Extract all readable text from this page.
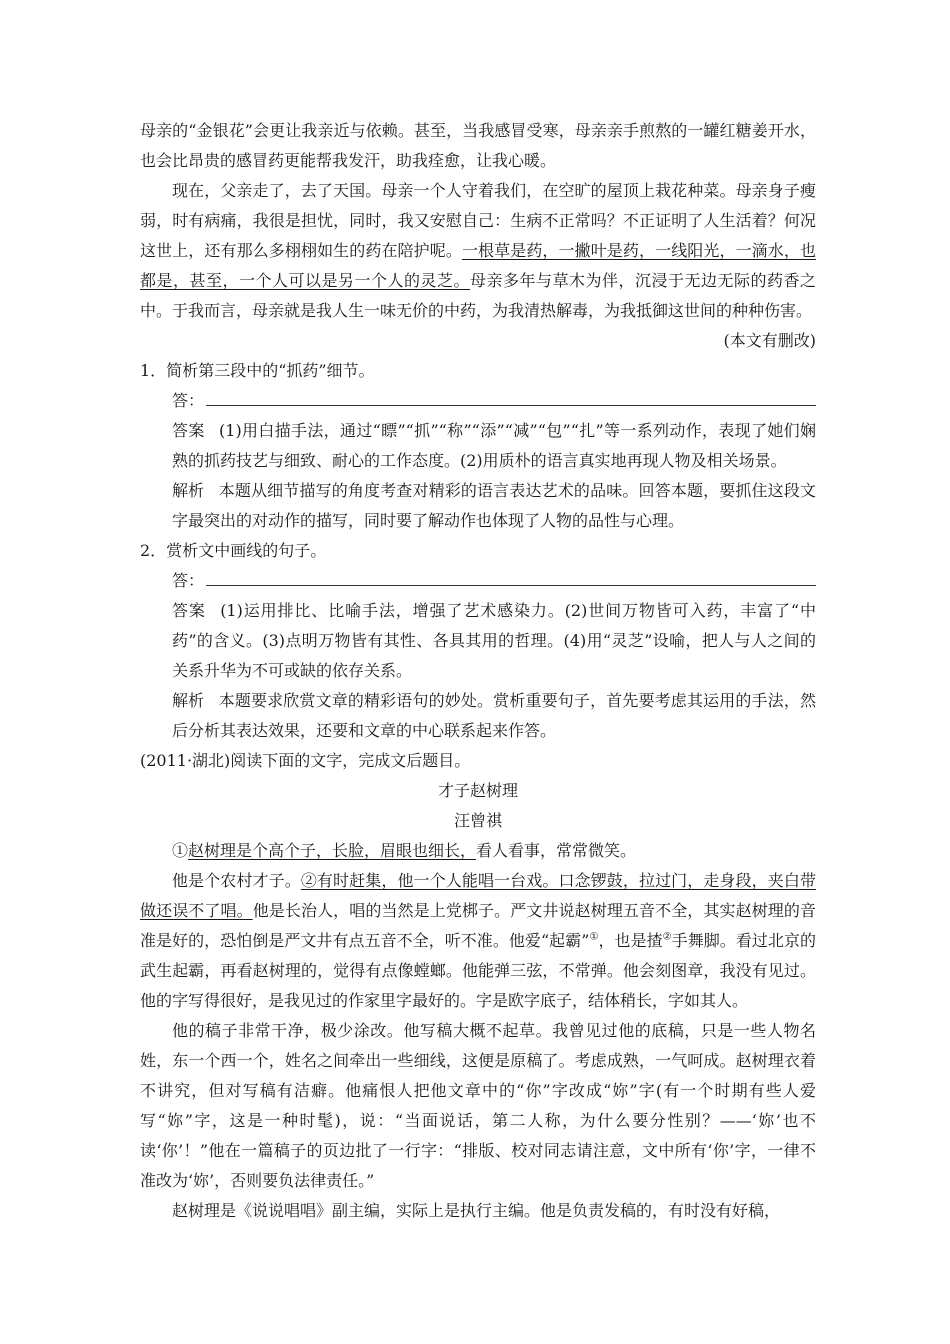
母亲的“金银花”会更让我亲近与依赖。甚至，当我感冒受寒，母亲亲手煎熬的一罐红糖姜开水，也会比昂贵的感冒药更能帮我发汗，助我痊愈，让我心暖。

现在，父亲走了，去了天国。母亲一个人守着我们，在空旷的屋顶上栽花种菜。母亲身子瘦弱，时有病痛，我很是担忧，同时，我又安慰自己：生病不正常吗？不正证明了人生活着？何况这世上，还有那么多栩栩如生的药在陪护呢。一根草是药，一撇叶是药，一线阳光，一滴水，也都是，甚至，一个人可以是另一个人的灵芝。母亲多年与草木为伴，沉浸于无边无际的药香之中。于我而言，母亲就是我人生一味无价的中药，为我清热解毒，为我抵御这世间的种种伤害。

(本文有删改)

1．简析第三段中的“抓药”细节。

答：

答案 (1)用白描手法，通过“瞟”“抓”“称”“添”“减”“包”“扎”等一系列动作，表现了她们娴熟的抓药技艺与细致、耐心的工作态度。(2)用质朴的语言真实地再现人物及相关场景。

解析 本题从细节描写的角度考查对精彩的语言表达艺术的品味。回答本题，要抓住这段文字最突出的对动作的描写，同时要了解动作也体现了人物的品性与心理。

2．赏析文中画线的句子。

答：

答案 (1)运用排比、比喻手法，增强了艺术感染力。(2)世间万物皆可入药，丰富了“中药”的含义。(3)点明万物皆有其性、各具其用的哲理。(4)用“灵芝”设喻，把人与人之间的关系升华为不可或缺的依存关系。

解析 本题要求欣赏文章的精彩语句的妙处。赏析重要句子，首先要考虑其运用的手法，然后分析其表达效果，还要和文章的中心联系起来作答。

(2011·湖北)阅读下面的文字，完成文后题目。

才子赵树理

汪曾祺

①赵树理是个高个子，长脸，眉眼也细长，看人看事，常常微笑。

他是个农村才子。②有时赶集，他一个人能唱一台戏。口念锣鼓，拉过门，走身段，夹白带做还误不了唱。他是长治人，唱的当然是上党梆子。严文井说赵树理五音不全，其实赵树理的音准是好的，恐怕倒是严文井有点五音不全，听不准。他爱“起霸”①，也是揸②手舞脚。看过北京的武生起霸，再看赵树理的，觉得有点像螳螂。他能弹三弦，不常弹。他会刻图章，我没有见过。他的字写得很好，是我见过的作家里字最好的。字是欧字底子，结体稍长，字如其人。

他的稿子非常干净，极少涂改。他写稿大概不起草。我曾见过他的底稿，只是一些人物名姓，东一个西一个，姓名之间牵出一些细线，这便是原稿了。考虑成熟，一气呵成。赵树理衣着不讲究，但对写稿有洁癖。他痛恨人把他文章中的“你”字改成“妳”字(有一个时期有些人爱写“妳”字，这是一种时髦)，说：“当面说话，第二人称，为什么要分性别？——‘妳’也不读‘你’！”他在一篇稿子的页边批了一行字：“排版、校对同志请注意，文中所有‘你’字，一律不准改为‘妳’，否则要负法律责任。”

赵树理是《说说唱唱》副主编，实际上是执行主编。他是负责发稿的，有时没有好稿，
